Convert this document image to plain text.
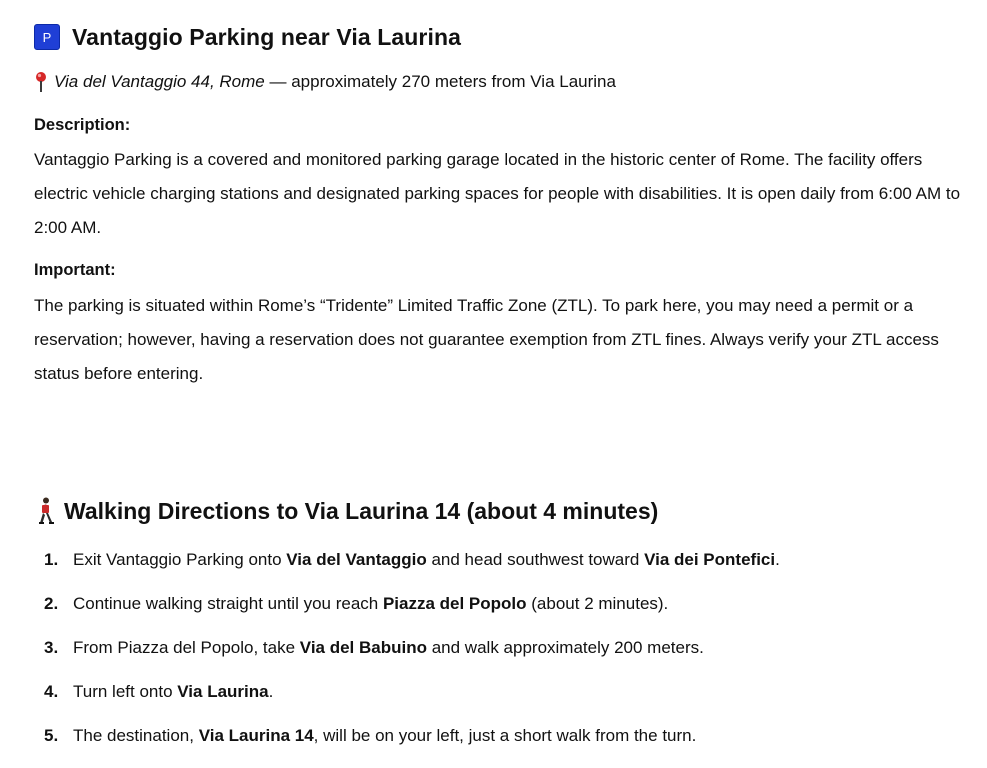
P Vantaggio Parking near Via Laurina
Via del Vantaggio 44, Rome — approximately 270 meters from Via Laurina
Description:
Vantaggio Parking is a covered and monitored parking garage located in the historic center of Rome. The facility offers electric vehicle charging stations and designated parking spaces for people with disabilities. It is open daily from 6:00 AM to 2:00 AM.
Important:
The parking is situated within Rome’s “Tridente” Limited Traffic Zone (ZTL). To park here, you may need a permit or a reservation; however, having a reservation does not guarantee exemption from ZTL fines. Always verify your ZTL access status before entering.
Walking Directions to Via Laurina 14 (about 4 minutes)
1. Exit Vantaggio Parking onto Via del Vantaggio and head southwest toward Via dei Pontefici.
2. Continue walking straight until you reach Piazza del Popolo (about 2 minutes).
3. From Piazza del Popolo, take Via del Babuino and walk approximately 200 meters.
4. Turn left onto Via Laurina.
5. The destination, Via Laurina 14, will be on your left, just a short walk from the turn.
